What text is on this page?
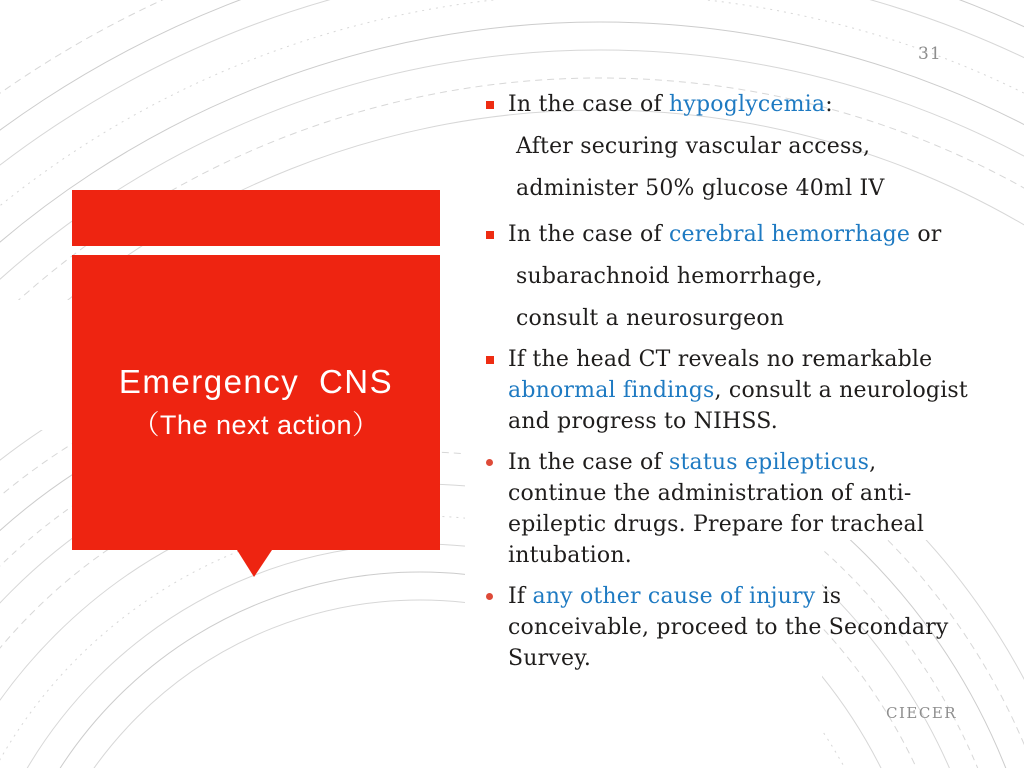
31
Emergency CNS
（The next action）
In the case of hypoglycemia:
After securing vascular access,
administer 50% glucose 40ml IV
In the case of cerebral hemorrhage or
subarachnoid hemorrhage,
consult a neurosurgeon
If the head CT reveals no remarkable
abnormal findings, consult a neurologist
and progress to NIHSS.
In the case of status epilepticus,
continue the administration of anti-
epileptic drugs. Prepare for tracheal
intubation.
If any other cause of injury is
conceivable, proceed to the Secondary
Survey.
CIECER
